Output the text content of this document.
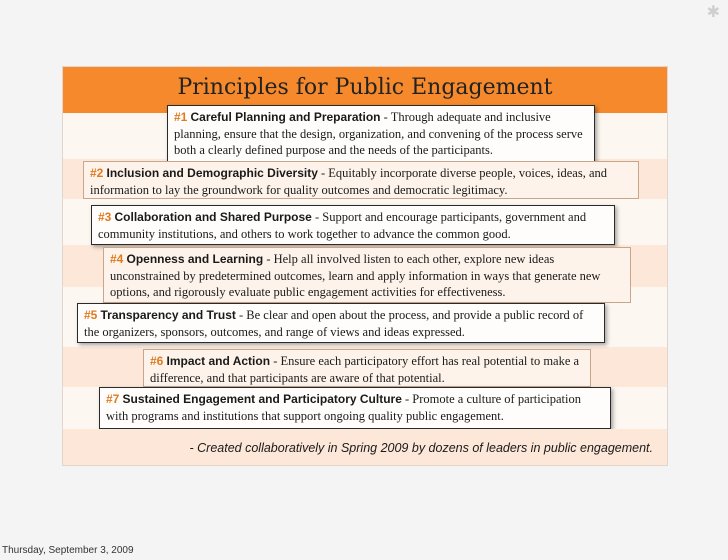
✱
Principles for Public Engagement
#1 Careful Planning and Preparation - Through adequate and inclusive planning, ensure that the design, organization, and convening of the process serve both a clearly defined purpose and the needs of the participants.
#2 Inclusion and Demographic Diversity - Equitably incorporate diverse people, voices, ideas, and information to lay the groundwork for quality outcomes and democratic legitimacy.
#3 Collaboration and Shared Purpose - Support and encourage participants, government and community institutions, and others to work together to advance the common good.
#4 Openness and Learning - Help all involved listen to each other, explore new ideas unconstrained by predetermined outcomes, learn and apply information in ways that generate new options, and rigorously evaluate public engagement activities for effectiveness.
#5 Transparency and Trust - Be clear and open about the process, and provide a public record of the organizers, sponsors, outcomes, and range of views and ideas expressed.
#6 Impact and Action - Ensure each participatory effort has real potential to make a difference, and that participants are aware of that potential.
#7 Sustained Engagement and Participatory Culture - Promote a culture of participation with programs and institutions that support ongoing quality public engagement.
- Created collaboratively in Spring 2009 by dozens of leaders in public engagement.
Thursday, September 3, 2009
